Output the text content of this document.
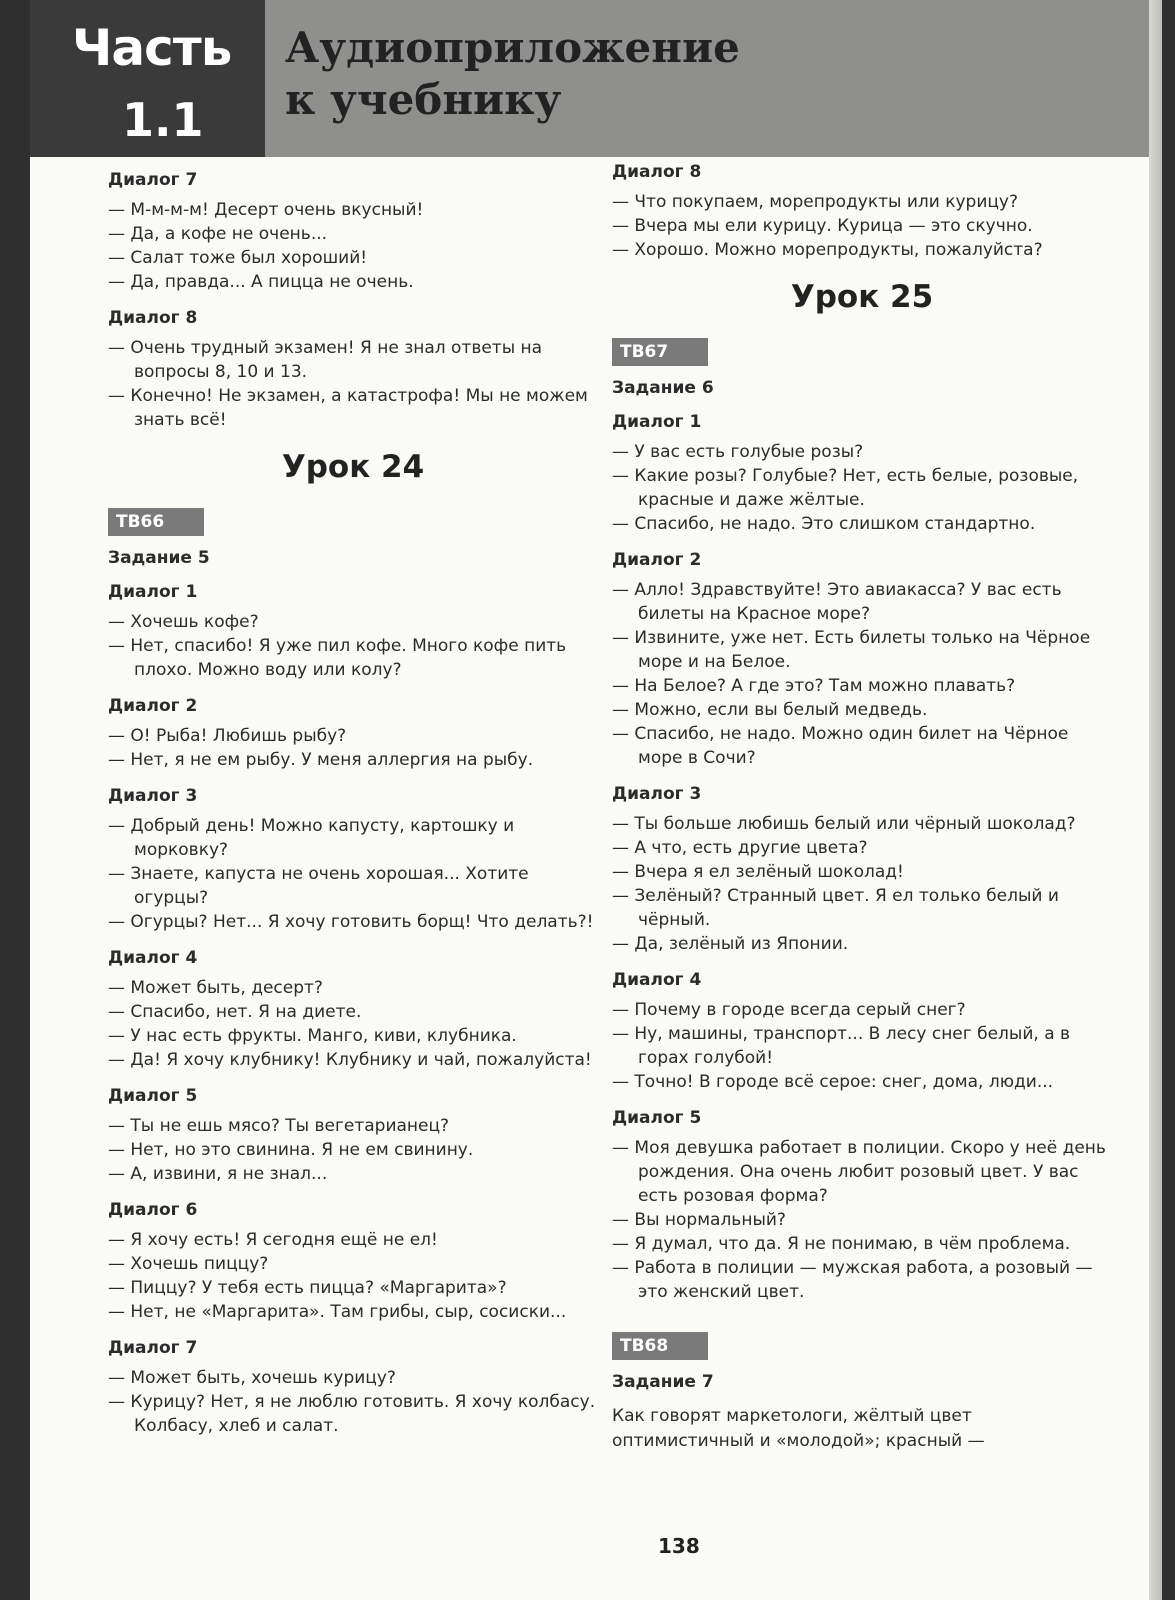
Часть
1.1
Аудиоприложение
к учебнику
Диалог 7

— М-м-м-м! Десерт очень вкусный!

— Да, а кофе не очень...

— Салат тоже был хороший!

— Да, правда... А пицца не очень.

Диалог 8

— Очень трудный экзамен! Я не знал ответы на вопросы 8, 10 и 13.

— Конечно! Не экзамен, а катастрофа! Мы не можем знать всё!

Урок 24
ТВ66
Задание 5
Диалог 1

— Хочешь кофе?

— Нет, спасибо! Я уже пил кофе. Много кофе пить плохо. Можно воду или колу?

Диалог 2

— О! Рыба! Любишь рыбу?

— Нет, я не ем рыбу. У меня аллергия на рыбу.

Диалог 3

— Добрый день! Можно капусту, картошку и морковку?

— Знаете, капуста не очень хорошая... Хотите огурцы?

— Огурцы? Нет... Я хочу готовить борщ! Что делать?!

Диалог 4

— Может быть, десерт?

— Спасибо, нет. Я на диете.

— У нас есть фрукты. Манго, киви, клубника.

— Да! Я хочу клубнику! Клубнику и чай, пожалуйста!

Диалог 5

— Ты не ешь мясо? Ты вегетарианец?

— Нет, но это свинина. Я не ем свинину.

— А, извини, я не знал...

Диалог 6

— Я хочу есть! Я сегодня ещё не ел!

— Хочешь пиццу?

— Пиццу? У тебя есть пицца? «Маргарита»?

— Нет, не «Маргарита». Там грибы, сыр, сосиски...

Диалог 7

— Может быть, хочешь курицу?

— Курицу? Нет, я не люблю готовить. Я хочу колбасу. Колбасу, хлеб и салат.

Диалог 8

— Что покупаем, морепродукты или курицу?

— Вчера мы ели курицу. Курица — это скучно.

— Хорошо. Можно морепродукты, пожалуйста?

Урок 25
ТВ67
Задание 6
Диалог 1

— У вас есть голубые розы?

— Какие розы? Голубые? Нет, есть белые, розовые, красные и даже жёлтые.

— Спасибо, не надо. Это слишком стандартно.

Диалог 2

— Алло! Здравствуйте! Это авиакасса? У вас есть билеты на Красное море?

— Извините, уже нет. Есть билеты только на Чёрное море и на Белое.

— На Белое? А где это? Там можно плавать?

— Можно, если вы белый медведь.

— Спасибо, не надо. Можно один билет на Чёрное море в Сочи?

Диалог 3

— Ты больше любишь белый или чёрный шоколад?

— А что, есть другие цвета?

— Вчера я ел зелёный шоколад!

— Зелёный? Странный цвет. Я ел только белый и чёрный.

— Да, зелёный из Японии.

Диалог 4

— Почему в городе всегда серый снег?

— Ну, машины, транспорт... В лесу снег белый, а в горах голубой!

— Точно! В городе всё серое: снег, дома, люди...

Диалог 5

— Моя девушка работает в полиции. Скоро у неё день рождения. Она очень любит розовый цвет. У вас есть розовая форма?

— Вы нормальный?

— Я думал, что да. Я не понимаю, в чём проблема.

— Работа в полиции — мужская работа, а розовый — это женский цвет.

ТВ68
Задание 7

Как говорят маркетологи, жёлтый цвет оптимистичный и «молодой»; красный —

138
